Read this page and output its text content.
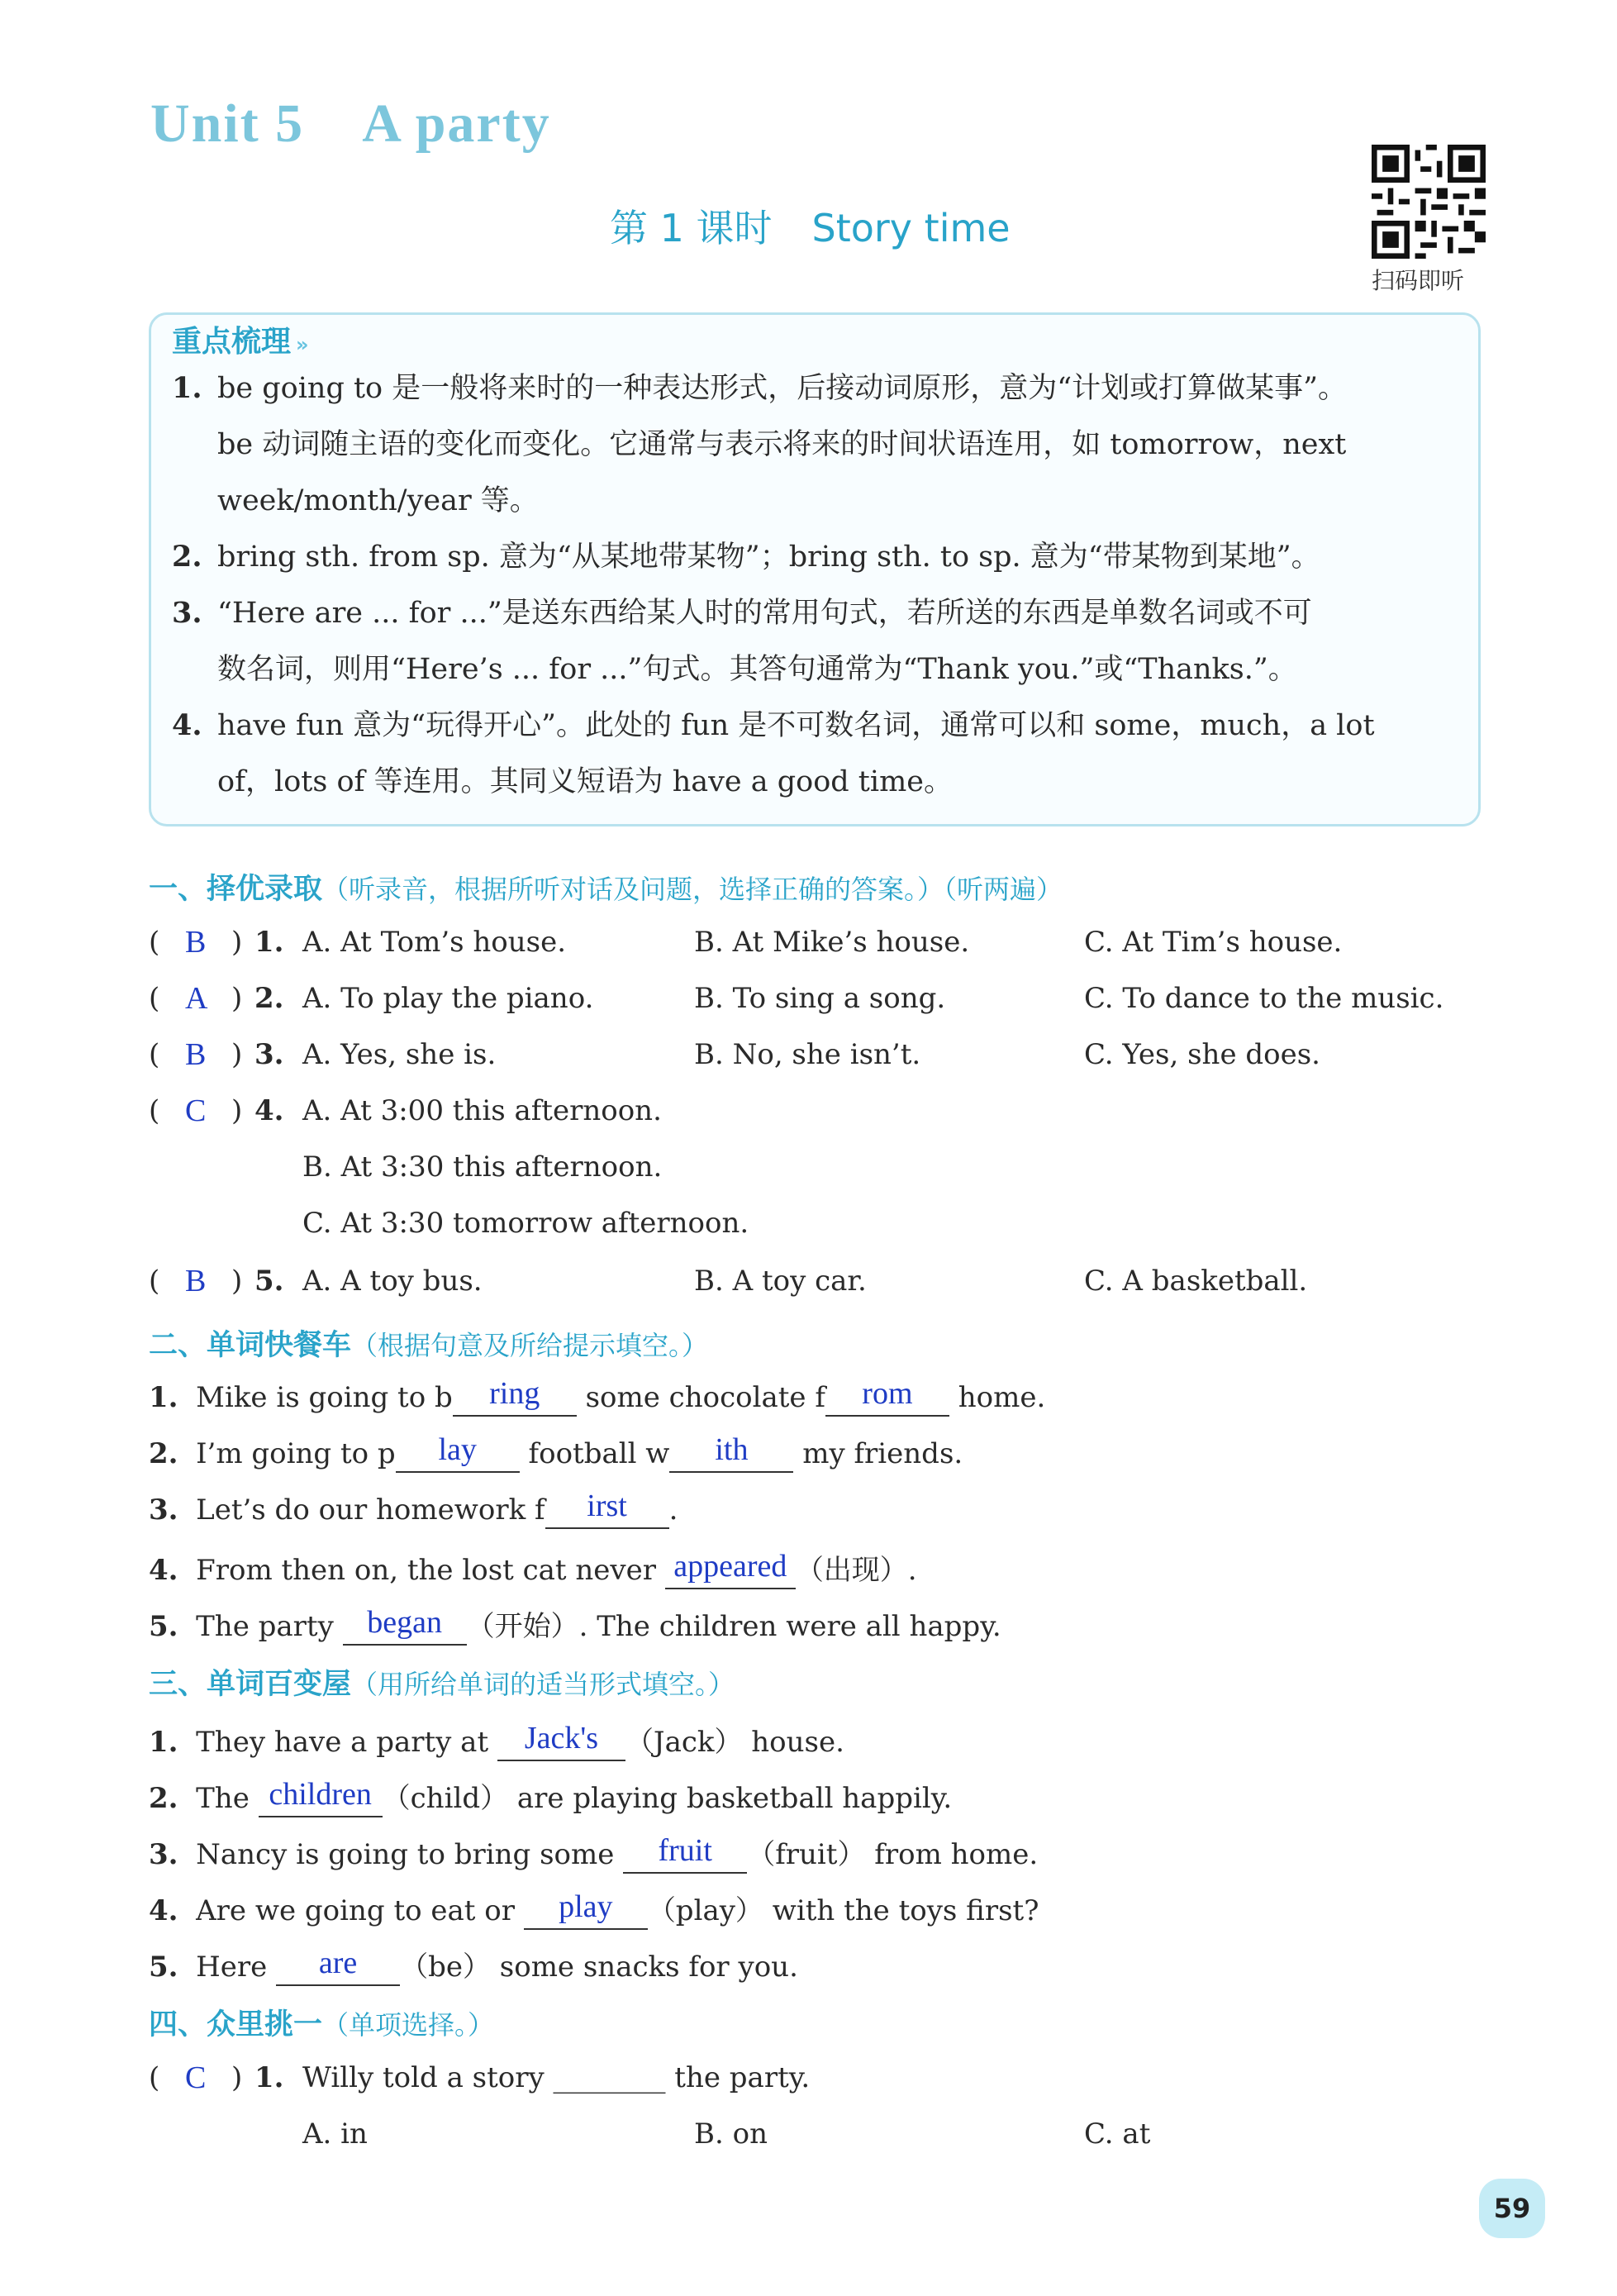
Unit 5 A party
第 1 课时 Story time
扫码即听
重点梳理 »
1. be going to 是一般将来时的一种表达形式，后接动词原形，意为“计划或打算做某事”。
be 动词随主语的变化而变化。它通常与表示将来的时间状语连用，如 tomorrow，next
week/month/year 等。
2. bring sth. from sp. 意为“从某地带某物”；bring sth. to sp. 意为“带某物到某地”。
3. “Here are ... for ...”是送东西给某人时的常用句式，若所送的东西是单数名词或不可
数名词，则用“Here’s ... for ...”句式。其答句通常为“Thank you.”或“Thanks.”。
4. have fun 意为“玩得开心”。此处的 fun 是不可数名词，通常可以和 some，much，a lot
of，lots of 等连用。其同义短语为 have a good time。
一、择优录取（听录音，根据所听对话及问题，选择正确的答案。）（听两遍）
( B ) 1. A. At Tom’s house.	B. At Mike’s house.	C. At Tim’s house.
( A ) 2. A. To play the piano.	B. To sing a song.	C. To dance to the music.
( B ) 3. A. Yes, she is.	B. No, she isn’t.	C. Yes, she does.
( C ) 4. A. At 3:00 this afternoon.
B. At 3:30 this afternoon.
C. At 3:30 tomorrow afternoon.
( B ) 5. A. A toy bus.	B. A toy car.	C. A basketball.
二、单词快餐车（根据句意及所给提示填空。）
1. Mike is going to b ring some chocolate f rom home.
2. I’m going to p lay football w ith my friends.
3. Let’s do our homework f irst .
4. From then on, the lost cat never appeared （出现）.
5. The party began （开始）. The children were all happy.
三、单词百变屋（用所给单词的适当形式填空。）
1. They have a party at Jack's （Jack） house.
2. The children （child） are playing basketball happily.
3. Nancy is going to bring some fruit （fruit） from home.
4. Are we going to eat or play （play） with the toys first?
5. Here are （be） some snacks for you.
四、众里挑一（单项选择。）
( C ) 1. Willy told a story ________ the party.
A. in	B. on	C. at
59
